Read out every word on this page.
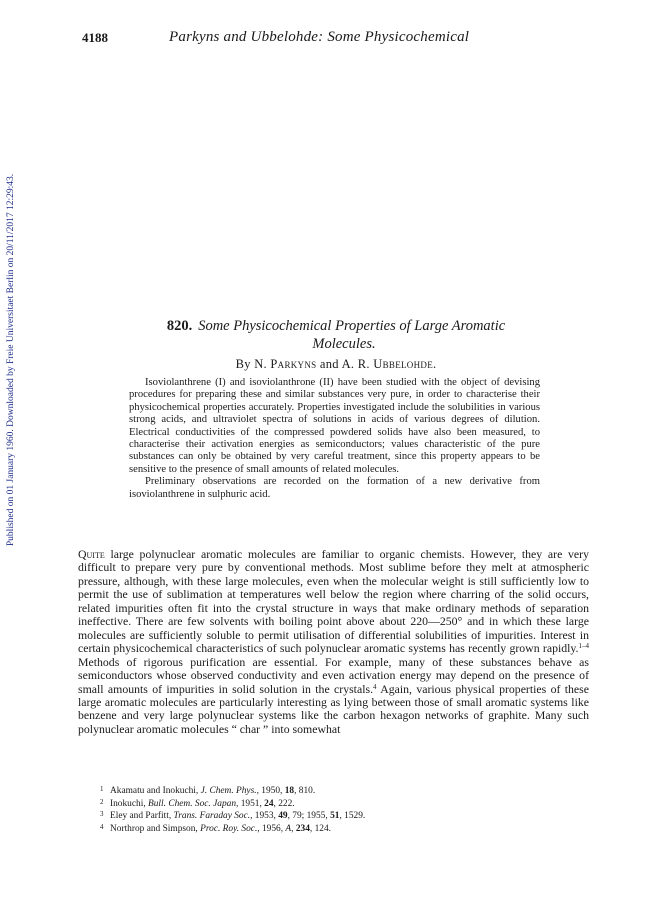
Published on 01 January 1960. Downloaded by Freie Universitaet Berlin on 20/11/2017 12:29:43.
4188	Parkyns and Ubbelohde: Some Physicochemical
820. Some Physicochemical Properties of Large Aromatic
Molecules.
By N. Parkyns and A. R. Ubbelohde.

Isoviolanthrene (I) and isoviolanthrone (II) have been studied with the object of devising procedures for preparing these and similar substances very pure, in order to characterise their physicochemical properties accurately. Properties investigated include the solubilities in various strong acids, and ultraviolet spectra of solutions in acids of various degrees of dilution. Electrical conductivities of the compressed powdered solids have also been measured, to characterise their activation energies as semiconductors; values characteristic of the pure substances can only be obtained by very careful treatment, since this property appears to be sensitive to the presence of small amounts of related molecules.

Preliminary observations are recorded on the formation of a new derivative from isoviolanthrene in sulphuric acid.

Quite large polynuclear aromatic molecules are familiar to organic chemists. However, they are very difficult to prepare very pure by conventional methods. Most sublime before they melt at atmospheric pressure, although, with these large molecules, even when the molecular weight is still sufficiently low to permit the use of sublimation at temperatures well below the region where charring of the solid occurs, related impurities often fit into the crystal structure in ways that make ordinary methods of separation ineffective. There are few solvents with boiling point above about 220—250° and in which these large molecules are sufficiently soluble to permit utilisation of differential solubilities of impurities. Interest in certain physicochemical characteristics of such polynuclear aromatic systems has recently grown rapidly.$^{1-4}$ Methods of rigorous purification are essential. For example, many of these substances behave as semiconductors whose observed conductivity and even activation energy may depend on the presence of small amounts of impurities in solid solution in the crystals.$^4$ Again, various physical properties of these large aromatic molecules are particularly interesting as lying between those of small aromatic systems like benzene and very large polynuclear systems like the carbon hexagon networks of graphite. Many such polynuclear aromatic molecules “ char ” into somewhat

1 Akamatu and Inokuchi, J. Chem. Phys., 1950, 18, 810.
2 Inokuchi, Bull. Chem. Soc. Japan, 1951, 24, 222.
3 Eley and Parfitt, Trans. Faraday Soc., 1953, 49, 79; 1955, 51, 1529.
4 Northrop and Simpson, Proc. Roy. Soc., 1956, A, 234, 124.
